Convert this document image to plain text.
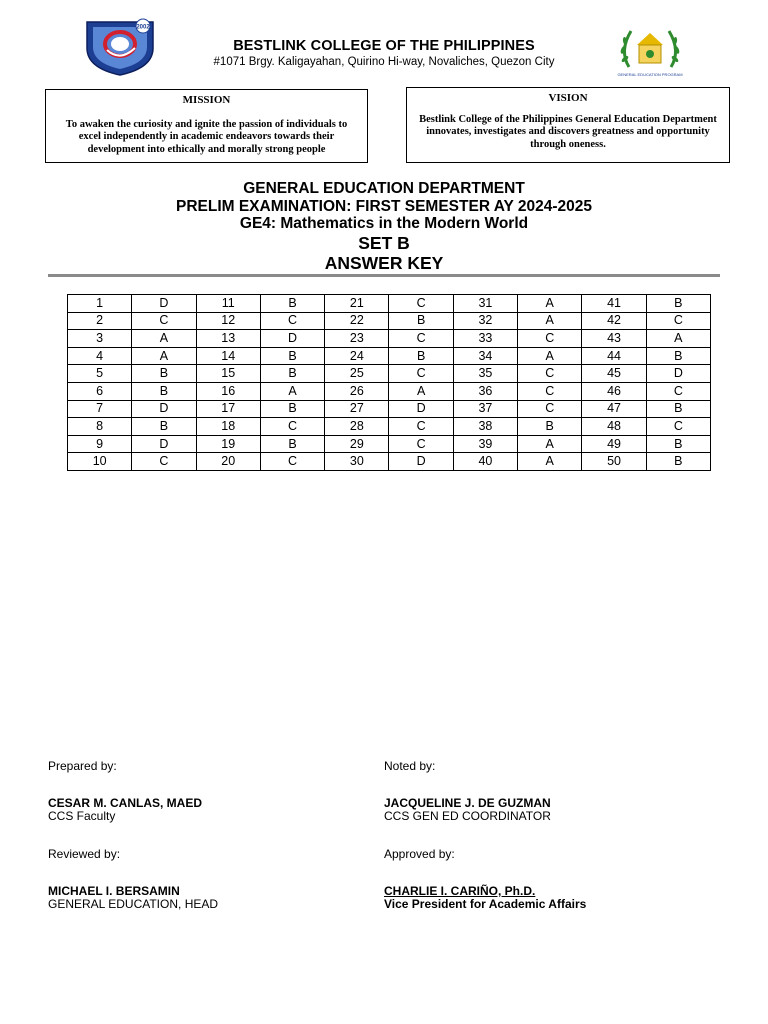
2002
BESTLINK COLLEGE OF THE PHILIPPINES
#1071 Brgy. Kaligayahan, Quirino Hi-way, Novaliches, Quezon City
GENERAL EDUCATION PROGRAM
MISSION
To awaken the curiosity and ignite the passion of individuals to excel independently in academic endeavors towards their development into ethically and morally strong people
VISION
Bestlink College of the Philippines General Education Department innovates, investigates and discovers greatness and opportunity through oneness.
GENERAL EDUCATION DEPARTMENT
PRELIM EXAMINATION: FIRST SEMESTER AY 2024-2025
GE4: Mathematics in the Modern World
SET B
ANSWER KEY
1	D	11	B	21	C	31	A	41	B
2	C	12	C	22	B	32	A	42	C
3	A	13	D	23	C	33	C	43	A
4	A	14	B	24	B	34	A	44	B
5	B	15	B	25	C	35	C	45	D
6	B	16	A	26	A	36	C	46	C
7	D	17	B	27	D	37	C	47	B
8	B	18	C	28	C	38	B	48	C
9	D	19	B	29	C	39	A	49	B
10	C	20	C	30	D	40	A	50	B
Prepared by:
CESAR M. CANLAS, MAED
CCS Faculty
Noted by:
JACQUELINE J. DE GUZMAN
CCS GEN ED COORDINATOR
Reviewed by:
MICHAEL I. BERSAMIN
GENERAL EDUCATION, HEAD
Approved by:
CHARLIE I. CARIÑO, Ph.D.
Vice President for Academic Affairs
